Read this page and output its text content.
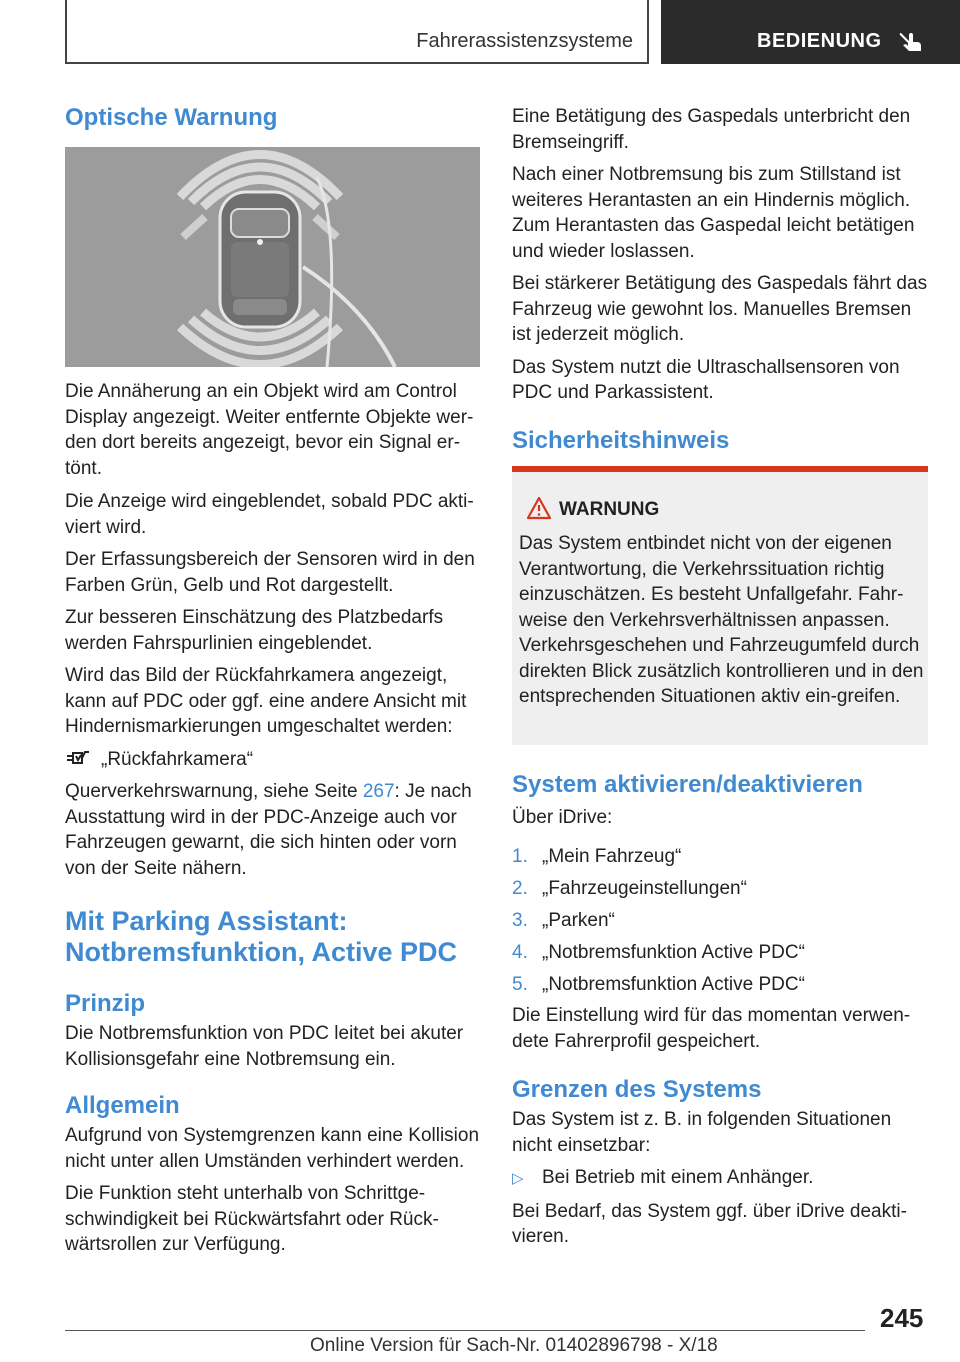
Fahrerassistenzsysteme	BEDIENUNG
Optische Warnung

Die Annäherung an ein Objekt wird am Control Display angezeigt. Weiter entfernte Objekte wer-den dort bereits angezeigt, bevor ein Signal er-tönt.

Die Anzeige wird eingeblendet, sobald PDC akti-viert wird.

Der Erfassungsbereich der Sensoren wird in den Farben Grün, Gelb und Rot dargestellt.

Zur besseren Einschätzung des Platzbedarfs werden Fahrspurlinien eingeblendet.

Wird das Bild der Rückfahrkamera angezeigt, kann auf PDC oder ggf. eine andere Ansicht mit Hindernismarkierungen umgeschaltet werden:

„Rückfahrkamera“

Querverkehrswarnung, siehe Seite 267: Je nach Ausstattung wird in der PDC-Anzeige auch vor Fahrzeugen gewarnt, die sich hinten oder vorn von der Seite nähern.

Mit Parking Assistant:
Notbremsfunktion, Active PDC
Prinzip

Die Notbremsfunktion von PDC leitet bei akuter Kollisionsgefahr eine Notbremsung ein.

Allgemein

Aufgrund von Systemgrenzen kann eine Kollision nicht unter allen Umständen verhindert werden.

Die Funktion steht unterhalb von Schrittge-schwindigkeit bei Rückwärtsfahrt oder Rück-wärtsrollen zur Verfügung.

Eine Betätigung des Gaspedals unterbricht den Bremseingriff.

Nach einer Notbremsung bis zum Stillstand ist weiteres Herantasten an ein Hindernis möglich. Zum Herantasten das Gaspedal leicht betätigen und wieder loslassen.

Bei stärkerer Betätigung des Gaspedals fährt das Fahrzeug wie gewohnt los. Manuelles Bremsen ist jederzeit möglich.

Das System nutzt die Ultraschallsensoren von PDC und Parkassistent.

Sicherheitshinweis
WARNUNG

Das System entbindet nicht von der eigenen Verantwortung, die Verkehrssituation richtig einzuschätzen. Es besteht Unfallgefahr. Fahr-weise den Verkehrsverhältnissen anpassen. Verkehrsgeschehen und Fahrzeugumfeld durch direkten Blick zusätzlich kontrollieren und in den entsprechenden Situationen aktiv ein-greifen.

System aktivieren/deaktivieren

Über iDrive:

1. „Mein Fahrzeug“

2. „Fahrzeugeinstellungen“

3. „Parken“

4. „Notbremsfunktion Active PDC“

5. „Notbremsfunktion Active PDC“

Die Einstellung wird für das momentan verwen-dete Fahrerprofil gespeichert.

Grenzen des Systems

Das System ist z. B. in folgenden Situationen nicht einsetzbar:

▷ Bei Betrieb mit einem Anhänger.

Bei Bedarf, das System ggf. über iDrive deakti-vieren.

245
Online Version für Sach-Nr. 01402896798 - X/18
